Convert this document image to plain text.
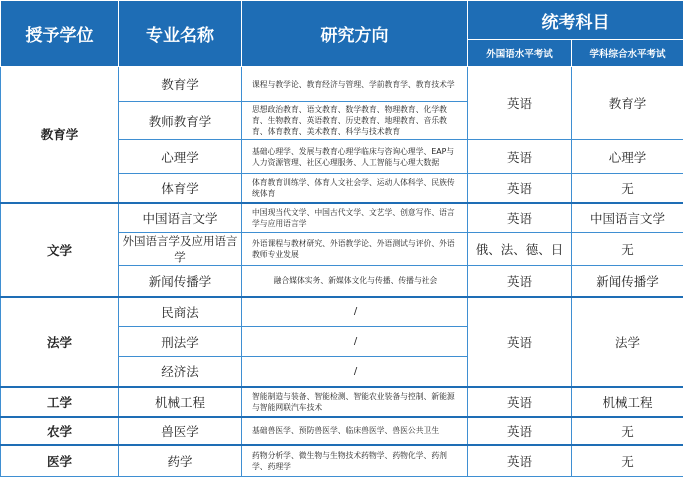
授予学位	专业名称	研究方向	统考科目	
			外国语水平考试	学科综合水平考试
教育学	教育学	课程与教学论、教育经济与管理、学前教育学、教育技术学	英语	教育学
	教师教育学	思想政治教育、语文教育、数学教育、物理教育、化学教育、生物教育、英语教育、历史教育、地理教育、音乐教育、体育教育、美术教育、科学与技术教育		
	心理学	基础心理学、发展与教育心理学临床与咨询心理学、EAP与人力资源管理、社区心理服务、人工智能与心理大数据	英语	心理学
	体育学	体育教育训练学、体育人文社会学、运动人体科学、民族传统体育	英语	无
文学	中国语言文学	中国现当代文学、中国古代文学、文艺学、创意写作、语言学与应用语言学	英语	中国语言文学
	外国语言学及应用语言学	外语课程与教材研究、外语教学论、外语测试与评价、外语教师专业发展	俄、法、德、日	无
	新闻传播学	融合媒体实务、新媒体文化与传播、传播与社会	英语	新闻传播学
法学	民商法	/	英语	法学
	刑法学	/		
	经济法	/		
工学	机械工程	智能制造与装备、智能检测、智能农业装备与控制、新能源与智能网联汽车技术	英语	机械工程
农学	兽医学	基础兽医学、预防兽医学、临床兽医学、兽医公共卫生	英语	无
医学	药学	药物分析学、微生物与生物技术药物学、药物化学、药剂学、药理学	英语	无
